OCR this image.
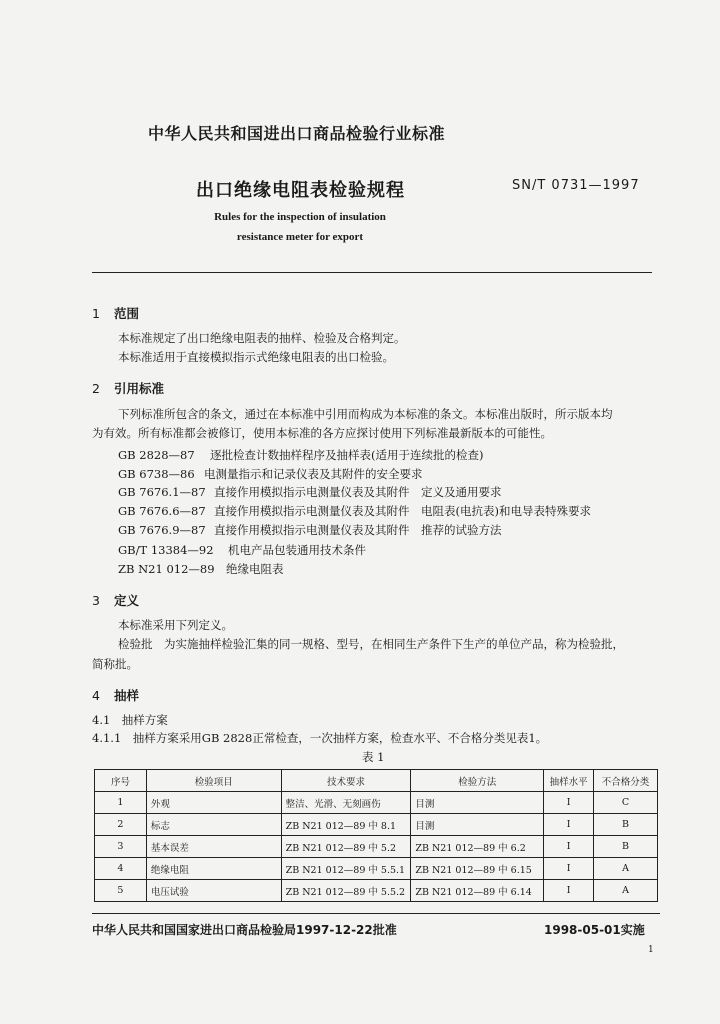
中华人民共和国进出口商品检验行业标准
出口绝缘电阻表检验规程	SN/T 0731—1997
Rules for the inspection of insulation
resistance meter for export
1 范围
本标准规定了出口绝缘电阻表的抽样、检验及合格判定。
本标准适用于直接模拟指示式绝缘电阻表的出口检验。
2 引用标准
下列标准所包含的条文，通过在本标准中引用而构成为本标准的条文。本标准出版时，所示版本均
为有效。所有标准都会被修订，使用本标准的各方应探讨使用下列标准最新版本的可能性。
GB 2828—87 逐批检查计数抽样程序及抽样表(适用于连续批的检查)
GB 6738—86 电测量指示和记录仪表及其附件的安全要求
GB 7676.1—87 直接作用模拟指示电测量仪表及其附件　定义及通用要求
GB 7676.6—87 直接作用模拟指示电测量仪表及其附件　电阻表(电抗表)和电导表特殊要求
GB 7676.9—87 直接作用模拟指示电测量仪表及其附件　推荐的试验方法
GB/T 13384—92 机电产品包装通用技术条件
ZB N21 012—89 绝缘电阻表
3 定义
本标准采用下列定义。
检验批　为实施抽样检验汇集的同一规格、型号，在相同生产条件下生产的单位产品，称为检验批，
简称批。
4 抽样
4.1　抽样方案
4.1.1　抽样方案采用GB 2828正常检查，一次抽样方案，检查水平、不合格分类见表1。
表 1
序号	检验项目	技术要求	检验方法	抽样水平	不合格分类
1	外观	整洁、光滑、无刻画伤	目测	I	C
2	标志	ZB N21 012—89 中 8.1	目测	I	B
3	基本误差	ZB N21 012—89 中 5.2	ZB N21 012—89 中 6.2	I	B
4	绝缘电阻	ZB N21 012—89 中 5.5.1	ZB N21 012—89 中 6.15	I	A
5	电压试验	ZB N21 012—89 中 5.5.2	ZB N21 012—89 中 6.14	I	A
中华人民共和国国家进出口商品检验局1997-12-22批准	1998-05-01实施
1
